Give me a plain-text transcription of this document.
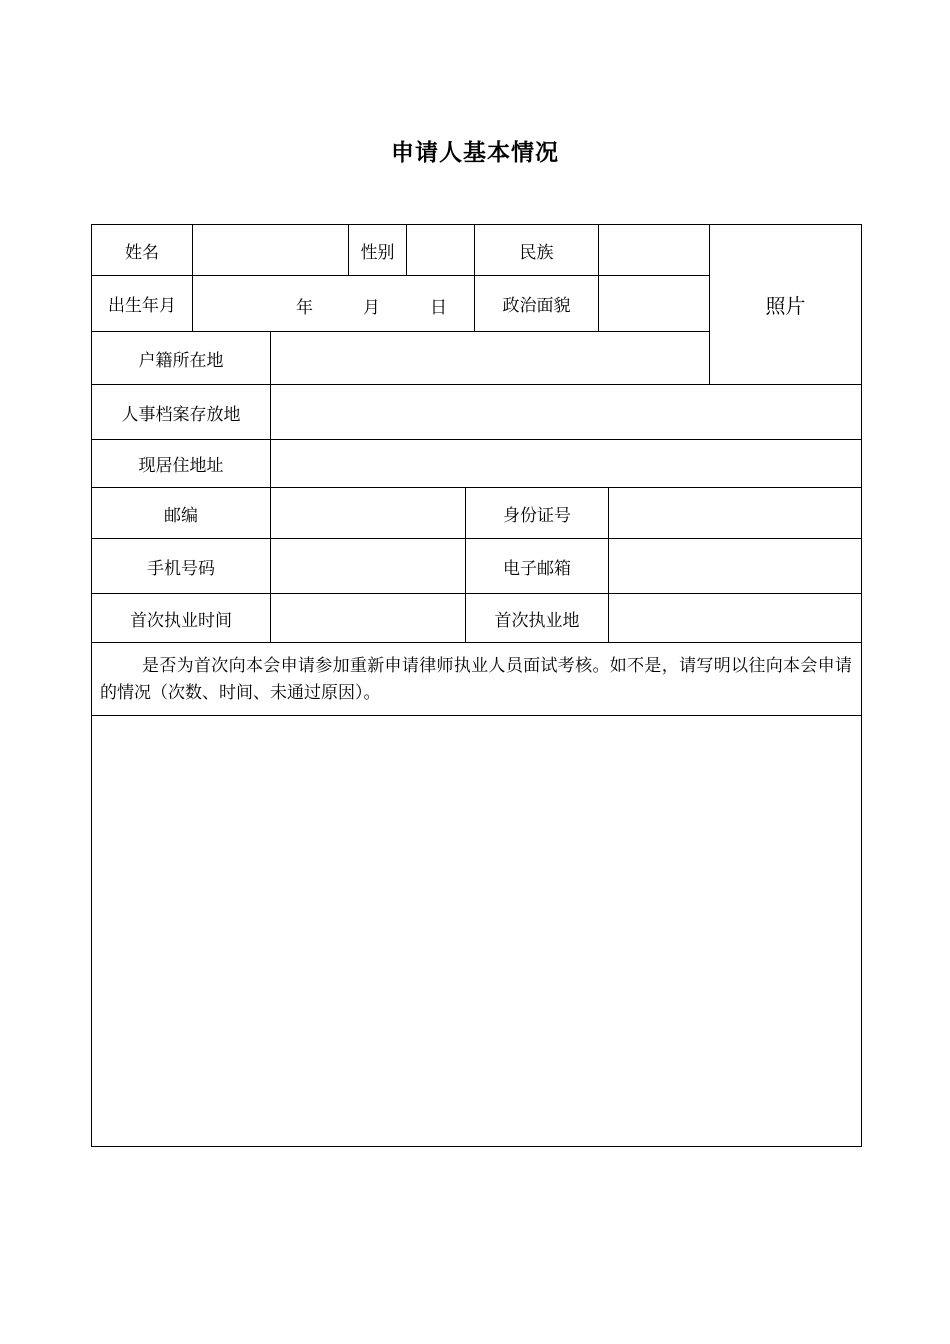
申请人基本情况
姓名	性别	民族
照片
出生年月	年	月	日	政治面貌
户籍所在地
人事档案存放地
现居住地址
邮编	身份证号
手机号码	电子邮箱
首次执业时间	首次执业地
是否为首次向本会申请参加重新申请律师执业人员面试考核。如不是，请写明以往向本会申请的情况（次数、时间、未通过原因）。
